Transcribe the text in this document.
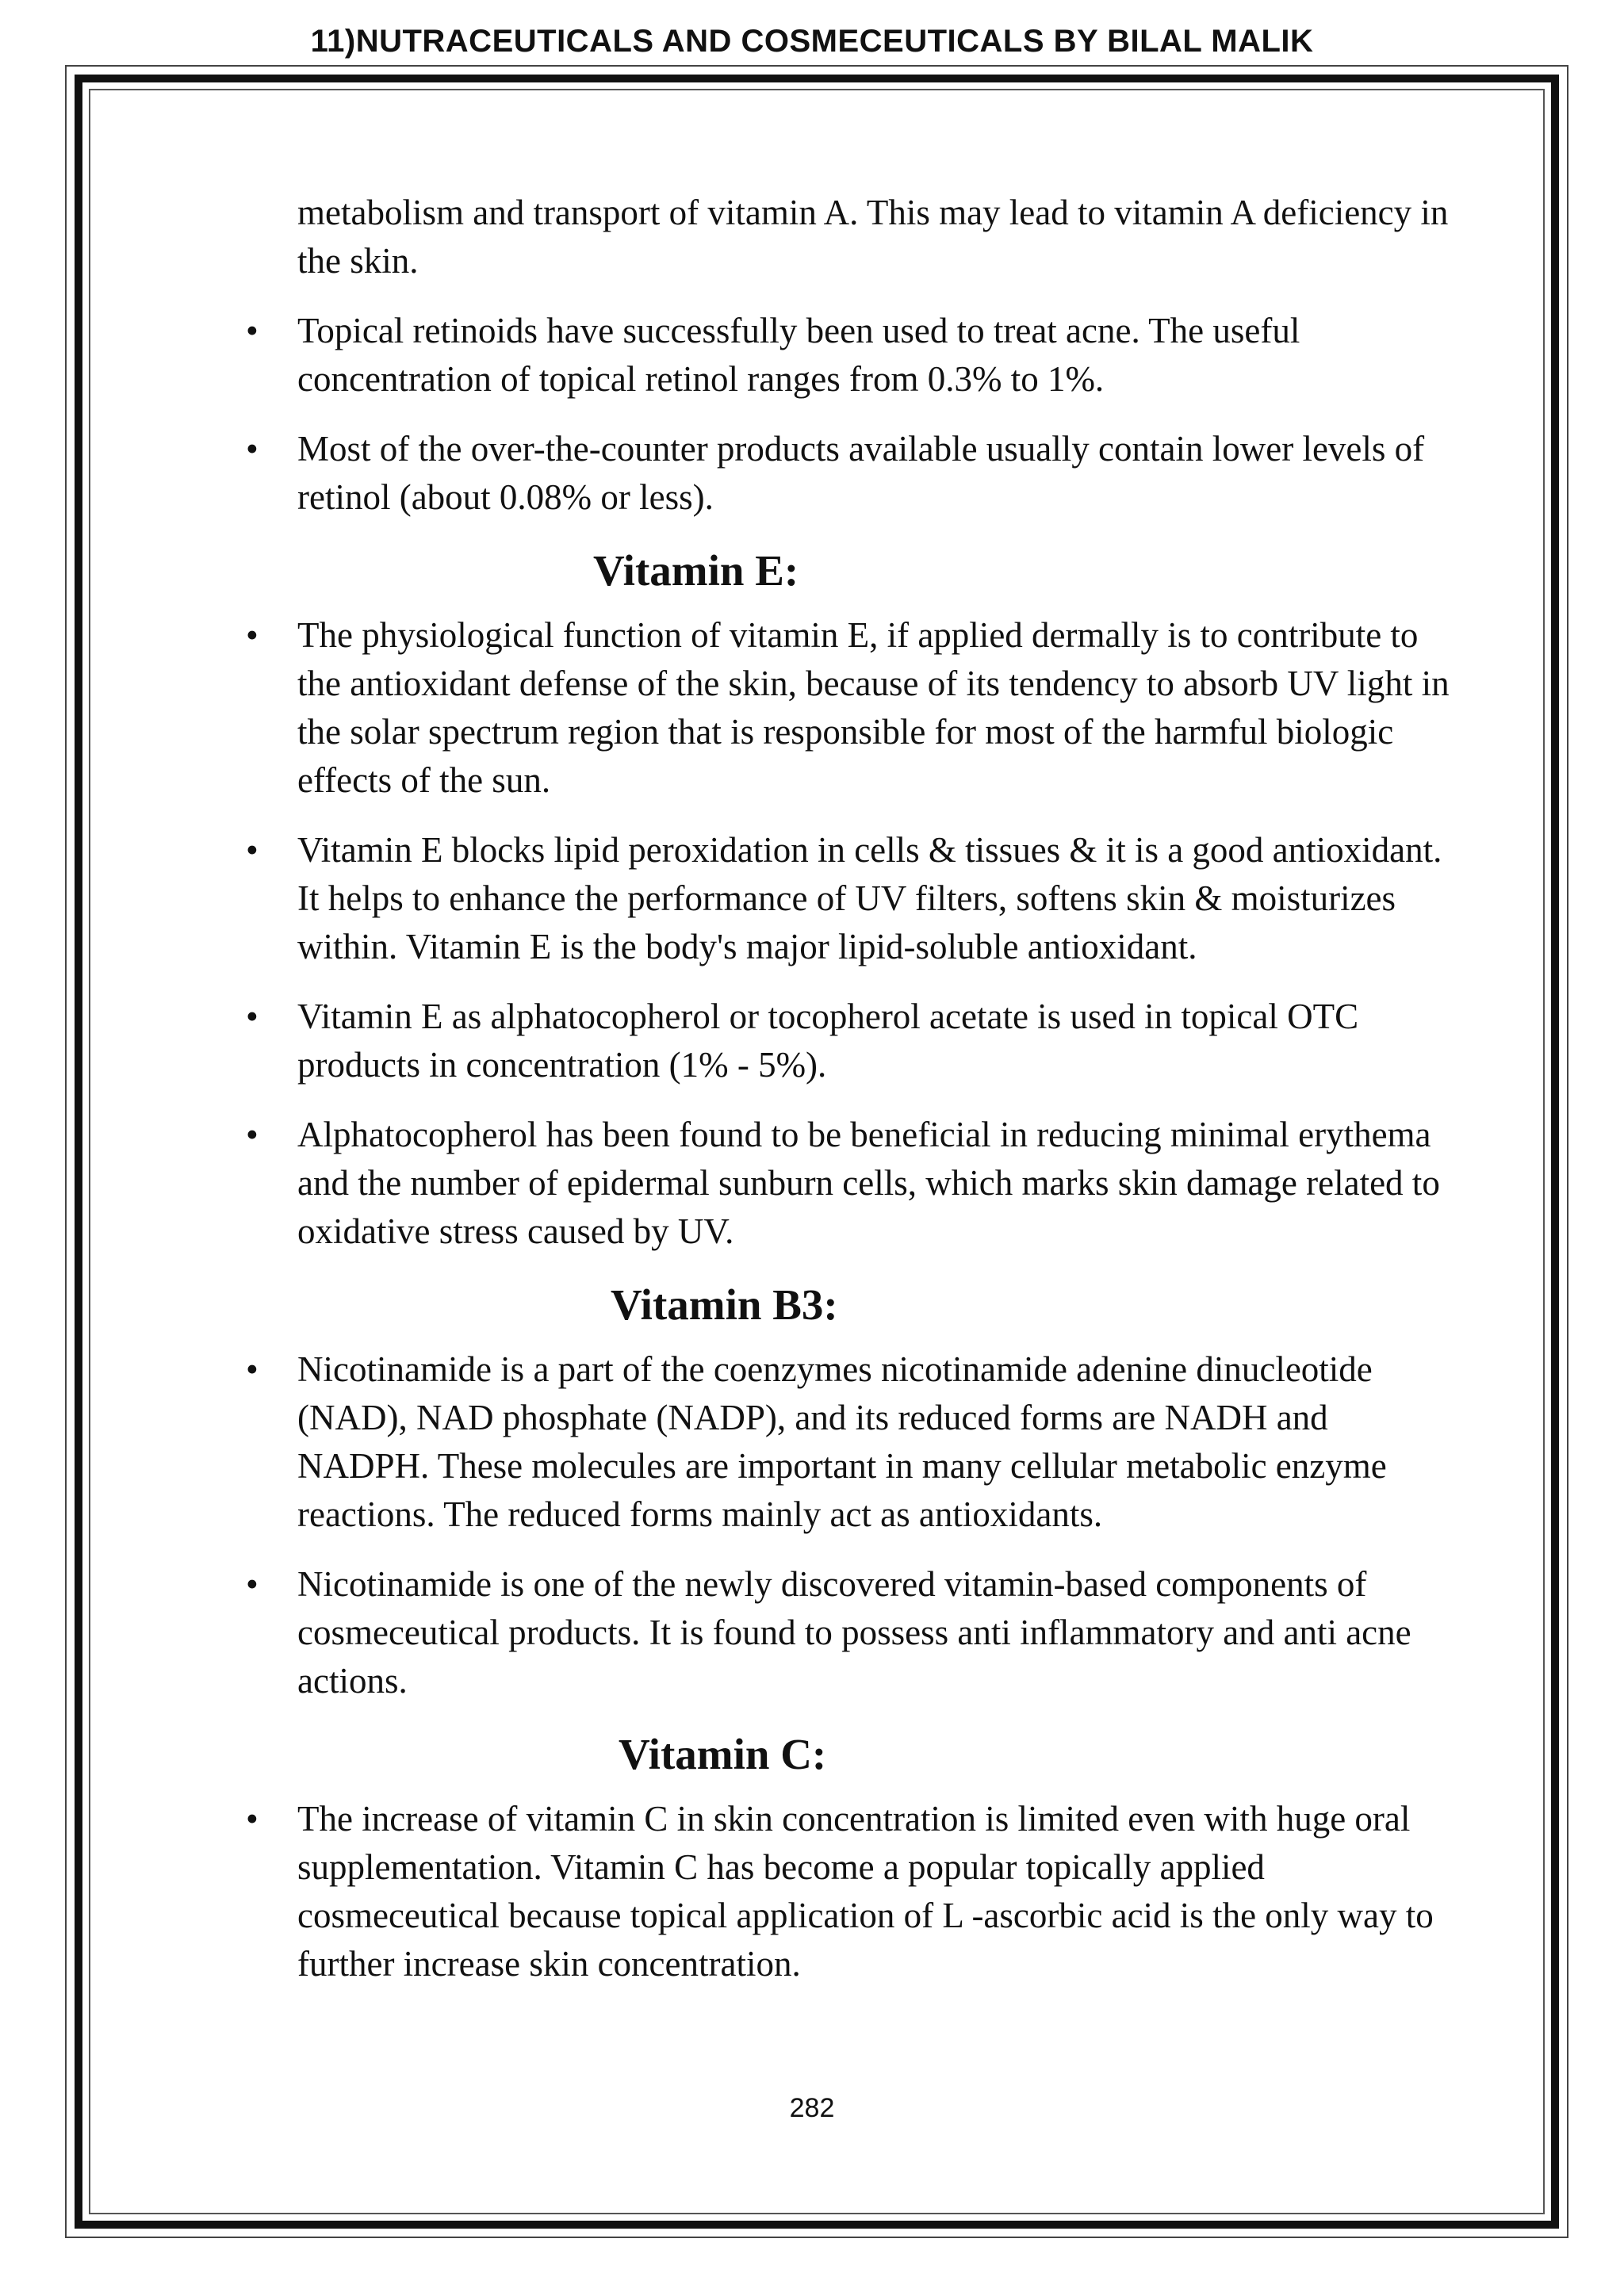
11)NUTRACEUTICALS AND COSMECEUTICALS BY BILAL MALIK

metabolism and transport of vitamin A. This may lead to vitamin A deficiency in the skin.

• Topical retinoids have successfully been used to treat acne. The useful concentration of topical retinol ranges from 0.3% to 1%.
• Most of the over-the-counter products available usually contain lower levels of retinol (about 0.08% or less).
Vitamin E:
• The physiological function of vitamin E, if applied dermally is to contribute to the antioxidant defense of the skin, because of its tendency to absorb UV light in the solar spectrum region that is responsible for most of the harmful biologic effects of the sun.
• Vitamin E blocks lipid peroxidation in cells & tissues & it is a good antioxidant. It helps to enhance the performance of UV filters, softens skin & moisturizes within. Vitamin E is the body's major lipid-soluble antioxidant.
• Vitamin E as alphatocopherol or tocopherol acetate is used in topical OTC products in concentration (1% - 5%).
• Alphatocopherol has been found to be beneficial in reducing minimal erythema and the number of epidermal sunburn cells, which marks skin damage related to oxidative stress caused by UV.
Vitamin B3:
• Nicotinamide is a part of the coenzymes nicotinamide adenine dinucleotide (NAD), NAD phosphate (NADP), and its reduced forms are NADH and NADPH. These molecules are important in many cellular metabolic enzyme reactions. The reduced forms mainly act as antioxidants.
• Nicotinamide is one of the newly discovered vitamin-based components of cosmeceutical products. It is found to possess anti inflammatory and anti acne actions.
Vitamin C:
• The increase of vitamin C in skin concentration is limited even with huge oral supplementation. Vitamin C has become a popular topically applied cosmeceutical because topical application of L -ascorbic acid is the only way to further increase skin concentration.
282
